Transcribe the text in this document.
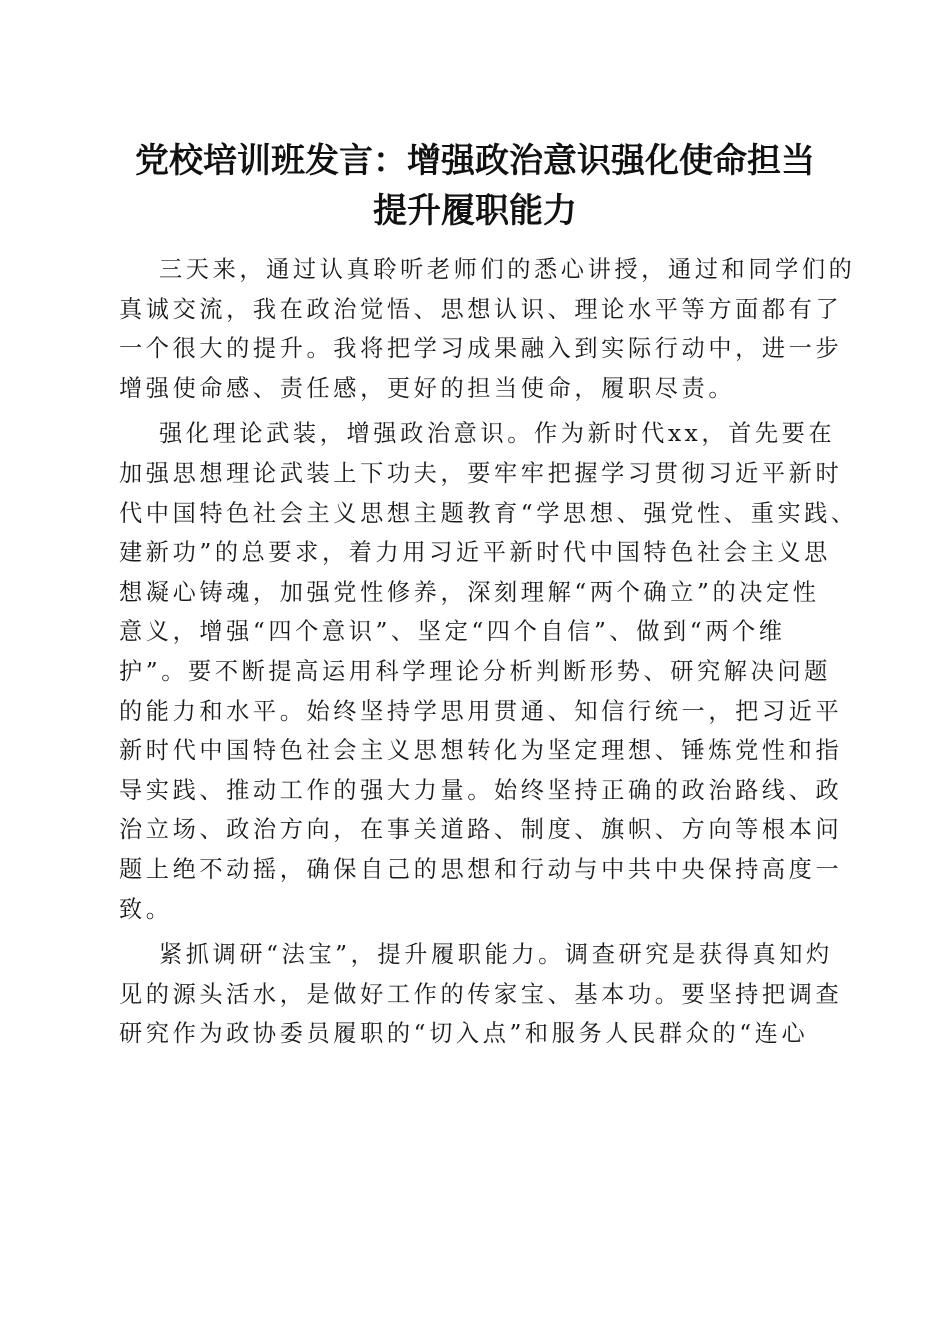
党校培训班发言：增强政治意识强化使命担当
提升履职能力
三天来，通过认真聆听老师们的悉心讲授，通过和同学们的
真诚交流，我在政治觉悟、思想认识、理论水平等方面都有了
一个很大的提升。我将把学习成果融入到实际行动中，进一步
增强使命感、责任感，更好的担当使命，履职尽责。
强化理论武装，增强政治意识。作为新时代xx，首先要在
加强思想理论武装上下功夫，要牢牢把握学习贯彻习近平新时
代中国特色社会主义思想主题教育“学思想、强党性、重实践、
建新功”的总要求，着力用习近平新时代中国特色社会主义思
想凝心铸魂，加强党性修养，深刻理解“两个确立”的决定性
意义，增强“四个意识”、坚定“四个自信”、做到“两个维
护”。要不断提高运用科学理论分析判断形势、研究解决问题
的能力和水平。始终坚持学思用贯通、知信行统一，把习近平
新时代中国特色社会主义思想转化为坚定理想、锤炼党性和指
导实践、推动工作的强大力量。始终坚持正确的政治路线、政
治立场、政治方向，在事关道路、制度、旗帜、方向等根本问
题上绝不动摇，确保自己的思想和行动与中共中央保持高度一
致。
紧抓调研“法宝”，提升履职能力。调查研究是获得真知灼
见的源头活水，是做好工作的传家宝、基本功。要坚持把调查
研究作为政协委员履职的“切入点”和服务人民群众的“连心
